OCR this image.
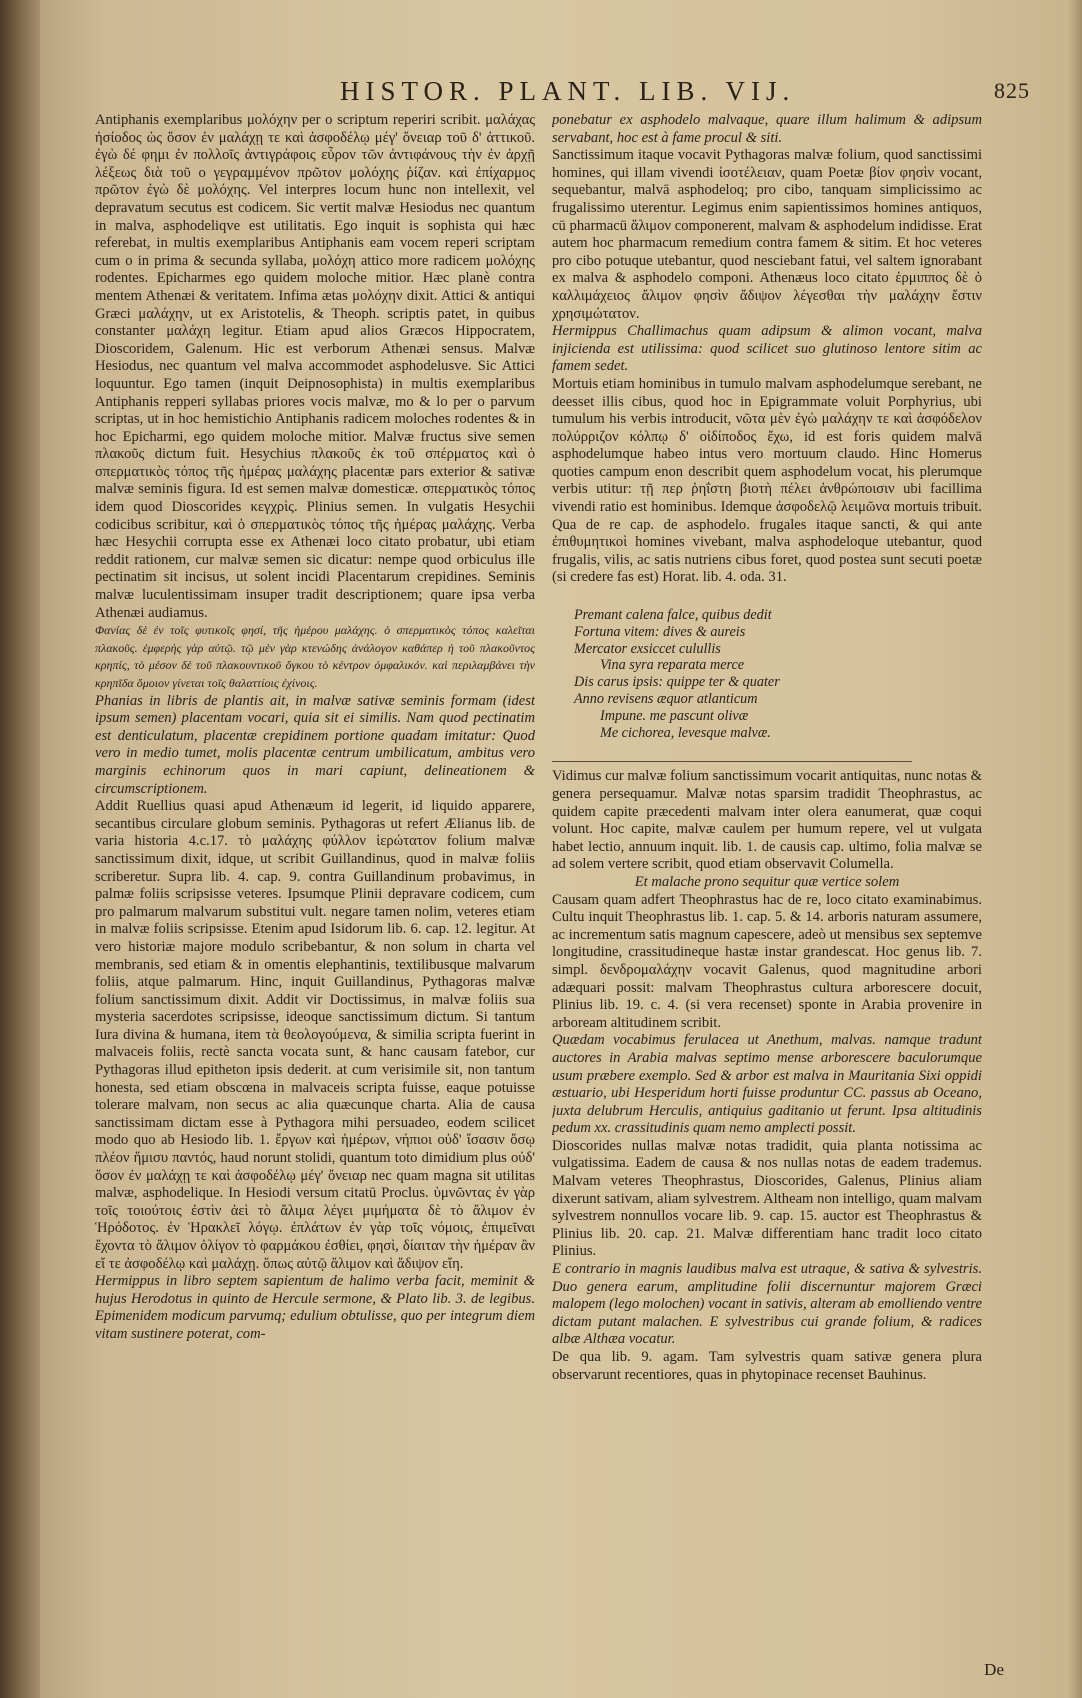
HISTOR. PLANT. LIB. VIJ.	825

Antiphanis exemplaribus μολόχην per ο scriptum reperiri scribit. μαλάχας ἠσίοδος ὡς ὅσον ἐν μαλάχῃ τε καὶ ἀσφοδέλῳ μέγ' ὄνειαρ τοῦ δ' ἀττικοῦ. ἐγὼ δέ φημι ἐν πολλοῖς ἀντιγράφοις εὗρον τῶν ἀντιφάνους τὴν ἐν ἀρχῇ λέξεως διὰ τοῦ ο γεγραμμένον πρῶτον μολόχης ῥίζαν. καὶ ἐπίχαρμος πρῶτον ἐγὼ δὲ μολόχης. Vel interpres locum hunc non intellexit, vel depravatum secutus est codicem. Sic vertit malvæ Hesiodus nec quantum in malva, asphodeliqve est utilitatis. Ego inquit is sophista qui hæc referebat, in multis exemplaribus Antiphanis eam vocem reperi scriptam cum o in prima & secunda syllaba, μολόχη attico more radicem μολόχης rodentes. Epicharmes ego quidem moloche mitior. Hæc planè contra mentem Athenæi & veritatem. Infima ætas μολόχην dixit. Attici & antiqui Græci μαλάχην, ut ex Aristotelis, & Theoph. scriptis patet, in quibus constanter μαλάχη legitur. Etiam apud alios Græcos Hippocratem, Dioscoridem, Galenum. Hic est verborum Athenæi sensus. Malvæ Hesiodus, nec quantum vel malva accommodet asphodelusve. Sic Attici loquuntur. Ego tamen (inquit Deipnosophista) in multis exemplaribus Antiphanis repperi syllabas priores vocis malvæ, mo & lo per o parvum scriptas, ut in hoc hemistichio Antiphanis radicem moloches rodentes & in hoc Epicharmi, ego quidem moloche mitior. Malvæ fructus sive semen πλακοῦς dictum fuit. Hesychius πλακοῦς ἐκ τοῦ σπέρματος καὶ ὁ σπερματικὸς τόπος τῆς ἡμέρας μαλάχης placentæ pars exterior & sativæ malvæ seminis figura. Id est semen malvæ domesticæ. σπερματικὸς τόπος idem quod Dioscorides κεγχρὶς. Plinius semen. In vulgatis Hesychii codicibus scribitur, καὶ ὁ σπερματικὸς τόπος τῆς ἡμέρας μαλάχης. Verba hæc Hesychii corrupta esse ex Athenæi loco citato probatur, ubi etiam reddit rationem, cur malvæ semen sic dicatur: nempe quod orbiculus ille pectinatim sit incisus, ut solent incidi Placentarum crepidines. Seminis malvæ luculentissimam insuper tradit descriptionem; quare ipsa verba Athenæi audiamus.

Φανίας δὲ ἐν τοῖς φυτικοῖς φησί, τῆς ἡμέρου μαλάχης. ὁ σπερματικὸς τόπος καλεῖται πλακοῦς. ἐμφερὴς γὰρ αὐτῷ. τῷ μὲν γὰρ κτενώδης ἀνάλογον καθάπερ ἡ τοῦ πλακοῦντος κρηπίς, τὸ μέσον δὲ τοῦ πλακουντικοῦ ὄγκου τὸ κέντρον ὀμφαλικόν. καὶ περιλαμβάνει τὴν κρηπῖδα ὅμοιον γίνεται τοῖς θαλαττίοις ἐχίνοις.

Phanias in libris de plantis ait, in malvæ sativæ seminis formam (idest ipsum semen) placentam vocari, quia sit ei similis. Nam quod pectinatim est denticulatum, placentæ crepidinem portione quadam imitatur: Quod vero in medio tumet, molis placentæ centrum umbilicatum, ambitus vero marginis echinorum quos in mari capiunt, delineationem & circumscriptionem.

Addit Ruellius quasi apud Athenæum id legerit, id liquido apparere, secantibus circulare globum seminis. Pythagoras ut refert Ælianus lib. de varia historia 4.c.17. τὸ μαλάχης φύλλον ἱερώτατον folium malvæ sanctissimum dixit, idque, ut scribit Guillandinus, quod in malvæ foliis scriberetur. Supra lib. 4. cap. 9. contra Guillandinum probavimus, in palmæ foliis scripsisse veteres. Ipsumque Plinii depravare codicem, cum pro palmarum malvarum substitui vult. negare tamen nolim, veteres etiam in malvæ foliis scripsisse. Etenim apud Isidorum lib. 6. cap. 12. legitur. At vero historiæ majore modulo scribebantur, & non solum in charta vel membranis, sed etiam & in omentis elephantinis, textilibusque malvarum foliis, atque palmarum. Hinc, inquit Guillandinus, Pythagoras malvæ folium sanctissimum dixit. Addit vir Doctissimus, in malvæ foliis sua mysteria sacerdotes scripsisse, ideoque sanctissimum dictum. Si tantum Iura divina & humana, item τὰ θεολογούμενα, & similia scripta fuerint in malvaceis foliis, rectè sancta vocata sunt, & hanc causam fatebor, cur Pythagoras illud epitheton ipsis dederit. at cum verisimile sit, non tantum honesta, sed etiam obscœna in malvaceis scripta fuisse, eaque potuisse tolerare malvam, non secus ac alia quæcunque charta. Alia de causa sanctissimam dictam esse à Pythagora mihi persuadeo, eodem scilicet modo quo ab Hesiodo lib. 1. ἔργων καὶ ἡμέρων, νήπιοι οὐδ' ἴσασιν ὅσῳ πλέον ἥμισυ παντός, haud norunt stolidi, quantum toto dimidium plus οὐδ' ὅσον ἐν μαλάχῃ τε καὶ ἀσφοδέλῳ μέγ' ὄνειαρ nec quam magna sit utilitas malvæ, asphodelique. In Hesiodi versum citatū Proclus. ὑμνῶντας ἐν γὰρ τοῖς τοιούτοις ἐστὶν ἀεὶ τὸ ἄλιμα λέγει μιμήματα δὲ τὸ ἄλιμον ἐν Ἡρόδοτος. ἐν Ἡρακλεῖ λόγῳ. ἐπλάτων ἐν γὰρ τοῖς νόμοις, ἐπιμεῖναι ἔχοντα τὸ ἄλιμον ὀλίγον τὸ φαρμάκου ἐσθίει, φησὶ, δίαιταν τὴν ἡμέραν ἂν εἴ τε ἀσφοδέλῳ καὶ μαλάχῃ. ὅπως αὐτῷ ἄλιμον καὶ ἄδιψον εἴη.

Hermippus in libro septem sapientum de halimo verba facit, meminit & hujus Herodotus in quinto de Hercule sermone, & Plato lib. 3. de legibus. Epimenidem modicum parvumq; edulium obtulisse, quo per integrum diem vitam sustinere poterat, com-

ponebatur ex asphodelo malvaque, quare illum halimum & adipsum servabant, hoc est à fame procul & siti.

Sanctissimum itaque vocavit Pythagoras malvæ folium, quod sanctissimi homines, qui illam vivendi ἰσοτέλειαν, quam Poetæ βίον φησὶν vocant, sequebantur, malvā asphodeloq; pro cibo, tanquam simplicissimo ac frugalissimo uterentur. Legimus enim sapientissimos homines antiquos, cū pharmacū ἄλιμον componerent, malvam & asphodelum indidisse. Erat autem hoc pharmacum remedium contra famem & sitim. Et hoc veteres pro cibo potuque utebantur, quod nesciebant fatui, vel saltem ignorabant ex malva & asphodelo componi. Athenæus loco citato ἑρμιππος δὲ ὁ καλλιμάχειος ἄλιμον φησὶν ἄδιψον λέγεσθαι τὴν μαλάχην ἔστιν χρησιμώτατον.

Hermippus Challimachus quam adipsum & alimon vocant, malva injicienda est utilissima: quod scilicet suo glutinoso lentore sitim ac famem sedet.

Mortuis etiam hominibus in tumulo malvam asphodelumque serebant, ne deesset illis cibus, quod hoc in Epigrammate voluit Porphyrius, ubi tumulum his verbis introducit, νῶτα μὲν ἐγὼ μαλάχην τε καὶ ἀσφόδελον πολύρριζον κόλπῳ δ' οἰδίποδος ἔχω, id est foris quidem malvā asphodelumque habeo intus vero mortuum claudo. Hinc Homerus quoties campum enon describit quem asphodelum vocat, his plerumque verbis utitur: τῇ περ ῥηΐστη βιοτὴ πέλει ἀνθρώποισιν ubi facillima vivendi ratio est hominibus. Idemque ἀσφοδελῷ λειμῶνα mortuis tribuit. Qua de re cap. de asphodelo. frugales itaque sancti, & qui ante ἐπιθυμητικοὶ homines vivebant, malva asphodeloque utebantur, quod frugalis, vilis, ac satis nutriens cibus foret, quod postea sunt secuti poetæ (si credere fas est) Horat. lib. 4. oda. 31.

Premant calena falce, quibus dedit
Fortuna vitem: dives & aureis
Mercator exsiccet culullis
Vina syra reparata merce
Dis carus ipsis: quippe ter & quater
Anno revisens æquor atlanticum
Impune. me pascunt olivæ
Me cichorea, levesque malvæ.

Vidimus cur malvæ folium sanctissimum vocarit antiquitas, nunc notas & genera persequamur. Malvæ notas sparsim tradidit Theophrastus, ac quidem capite præcedenti malvam inter olera eanumerat, quæ coqui volunt. Hoc capite, malvæ caulem per humum repere, vel ut vulgata habet lectio, annuum inquit. lib. 1. de causis cap. ultimo, folia malvæ se ad solem vertere scribit, quod etiam observavit Columella.

Et malache prono sequitur quæ vertice solem

Causam quam adfert Theophrastus hac de re, loco citato examinabimus. Cultu inquit Theophrastus lib. 1. cap. 5. & 14. arboris naturam assumere, ac incrementum satis magnum capescere, adeò ut mensibus sex septemve longitudine, crassitudineque hastæ instar grandescat. Hoc genus lib. 7. simpl. δενδρομαλάχην vocavit Galenus, quod magnitudine arbori adæquari possit: malvam Theophrastus cultura arborescere docuit, Plinius lib. 19. c. 4. (si vera recenset) sponte in Arabia provenire in arboream altitudinem scribit.

Quædam vocabimus ferulacea ut Anethum, malvas. namque tradunt auctores in Arabia malvas septimo mense arborescere baculorumque usum præbere exemplo. Sed & arbor est malva in Mauritania Sixi oppidi æstuario, ubi Hesperidum horti fuisse produntur CC. passus ab Oceano, juxta delubrum Herculis, antiquius gaditanio ut ferunt. Ipsa altitudinis pedum xx. crassitudinis quam nemo amplecti possit.

Dioscorides nullas malvæ notas tradidit, quia planta notissima ac vulgatissima. Eadem de causa & nos nullas notas de eadem trademus. Malvam veteres Theophrastus, Dioscorides, Galenus, Plinius aliam dixerunt sativam, aliam sylvestrem. Altheam non intelligo, quam malvam sylvestrem nonnullos vocare lib. 9. cap. 15. auctor est Theophrastus & Plinius lib. 20. cap. 21. Malvæ differentiam hanc tradit loco citato Plinius.

E contrario in magnis laudibus malva est utraque, & sativa & sylvestris. Duo genera earum, amplitudine folii discernuntur majorem Græci malopem (lego molochen) vocant in sativis, alteram ab emolliendo ventre dictam putant malachen. E sylvestribus cui grande folium, & radices albæ Althæa vocatur.

De qua lib. 9. agam. Tam sylvestris quam sativæ genera plura observarunt recentiores, quas in phytopinace recenset Bauhinus.

De
